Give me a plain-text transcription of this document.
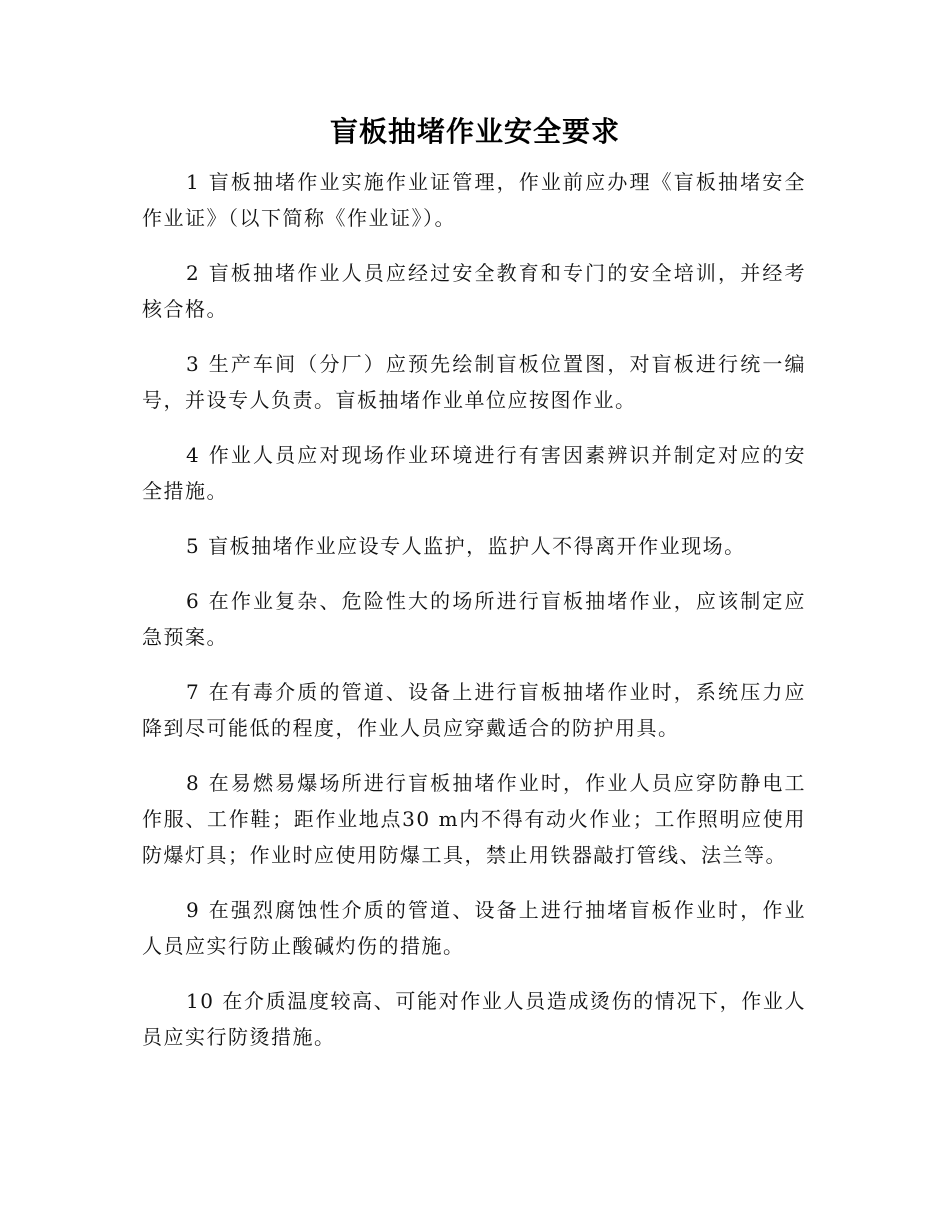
盲板抽堵作业安全要求

1 盲板抽堵作业实施作业证管理，作业前应办理《盲板抽堵安全作业证》（以下简称《作业证》）。

2 盲板抽堵作业人员应经过安全教育和专门的安全培训，并经考核合格。

3 生产车间（分厂）应预先绘制盲板位置图，对盲板进行统一编号，并设专人负责。盲板抽堵作业单位应按图作业。

4 作业人员应对现场作业环境进行有害因素辨识并制定对应的安全措施。

5 盲板抽堵作业应设专人监护，监护人不得离开作业现场。

6 在作业复杂、危险性大的场所进行盲板抽堵作业，应该制定应急预案。

7 在有毒介质的管道、设备上进行盲板抽堵作业时，系统压力应降到尽可能低的程度，作业人员应穿戴适合的防护用具。

8 在易燃易爆场所进行盲板抽堵作业时，作业人员应穿防静电工作服、工作鞋；距作业地点30 m内不得有动火作业；工作照明应使用防爆灯具；作业时应使用防爆工具，禁止用铁器敲打管线、法兰等。

9 在强烈腐蚀性介质的管道、设备上进行抽堵盲板作业时，作业人员应实行防止酸碱灼伤的措施。

10 在介质温度较高、可能对作业人员造成烫伤的情况下，作业人员应实行防烫措施。
